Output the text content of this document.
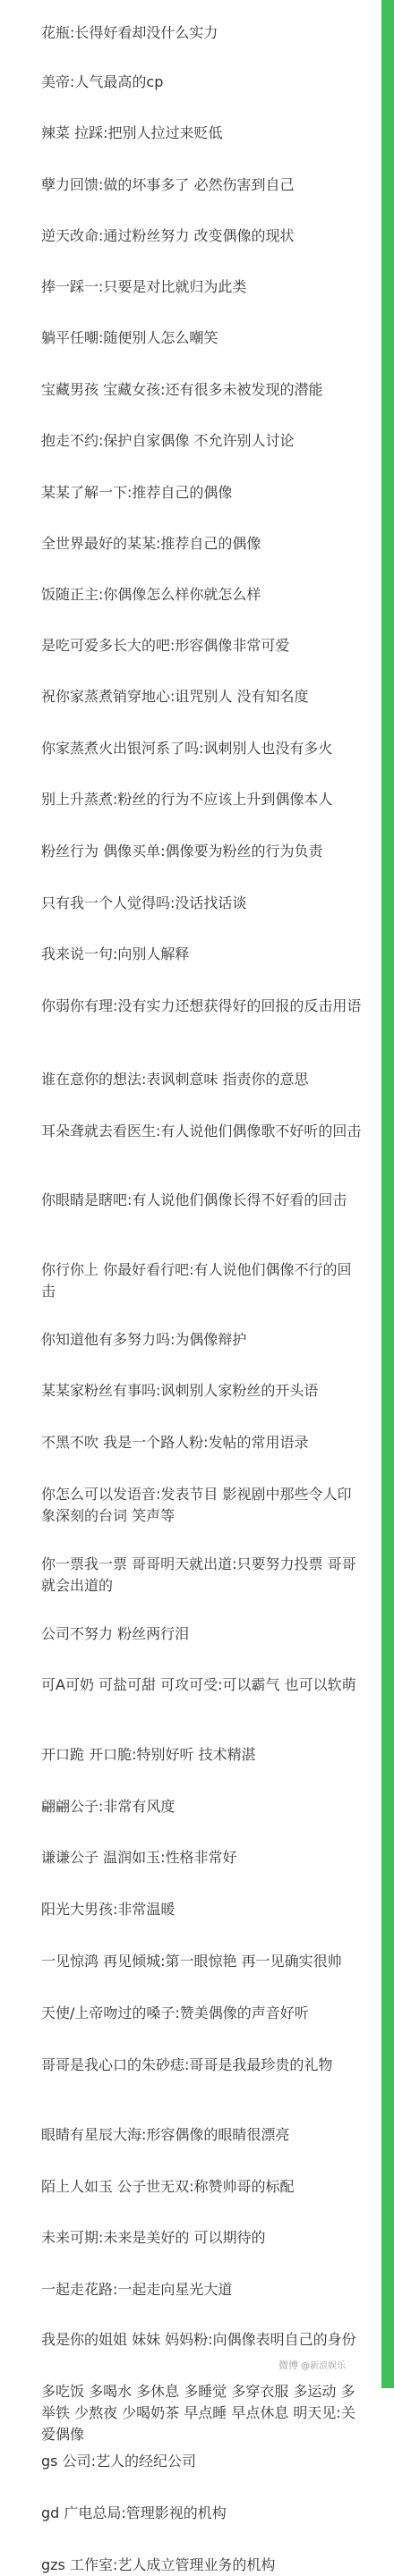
花瓶:长得好看却没什么实力
美帝:人气最高的cp
辣菜 拉踩:把别人拉过来贬低
孽力回馈:做的坏事多了 必然伤害到自己
逆天改命:通过粉丝努力 改变偶像的现状
捧一踩一:只要是对比就归为此类
躺平任嘲:随便别人怎么嘲笑
宝藏男孩 宝藏女孩:还有很多未被发现的潜能
抱走不约:保护自家偶像 不允许别人讨论
某某了解一下:推荐自己的偶像
全世界最好的某某:推荐自己的偶像
饭随正主:你偶像怎么样你就怎么样
是吃可爱多长大的吧:形容偶像非常可爱
祝你家蒸煮销穿地心:诅咒别人 没有知名度
你家蒸煮火出银河系了吗:讽刺别人也没有多火
别上升蒸煮:粉丝的行为不应该上升到偶像本人
粉丝行为 偶像买单:偶像要为粉丝的行为负责
只有我一个人觉得吗:没话找话谈
我来说一句:向别人解释
你弱你有理:没有实力还想获得好的回报的反击用语
谁在意你的想法:表讽刺意味 指责你的意思
耳朵聋就去看医生:有人说他们偶像歌不好听的回击
你眼睛是瞎吧:有人说他们偶像长得不好看的回击
你行你上 你最好看行吧:有人说他们偶像不行的回击
你知道他有多努力吗:为偶像辩护
某某家粉丝有事吗:讽刺别人家粉丝的开头语
不黑不吹 我是一个路人粉:发帖的常用语录
你怎么可以发语音:发表节目 影视剧中那些令人印象深刻的台词 笑声等
你一票我一票 哥哥明天就出道:只要努力投票 哥哥就会出道的
公司不努力 粉丝两行泪
可A可奶 可盐可甜 可攻可受:可以霸气 也可以软萌
开口跪 开口脆:特别好听 技术精湛
翩翩公子:非常有风度
谦谦公子 温润如玉:性格非常好
阳光大男孩:非常温暖
一见惊鸿 再见倾城:第一眼惊艳 再一见确实很帅
天使/上帝吻过的嗓子:赞美偶像的声音好听
哥哥是我心口的朱砂痣:哥哥是我最珍贵的礼物
眼睛有星辰大海:形容偶像的眼睛很漂亮
陌上人如玉 公子世无双:称赞帅哥的标配
未来可期:未来是美好的 可以期待的
一起走花路:一起走向星光大道
我是你的姐姐 妹妹 妈妈粉:向偶像表明自己的身份
多吃饭 多喝水 多休息 多睡觉 多穿衣服 多运动 多举铁 少熬夜 少喝奶茶 早点睡 早点休息 明天见:关爱偶像
gs 公司:艺人的经纪公司
gd 广电总局:管理影视的机构
gzs 工作室:艺人成立管理业务的机构
微博 @新浪娱乐
